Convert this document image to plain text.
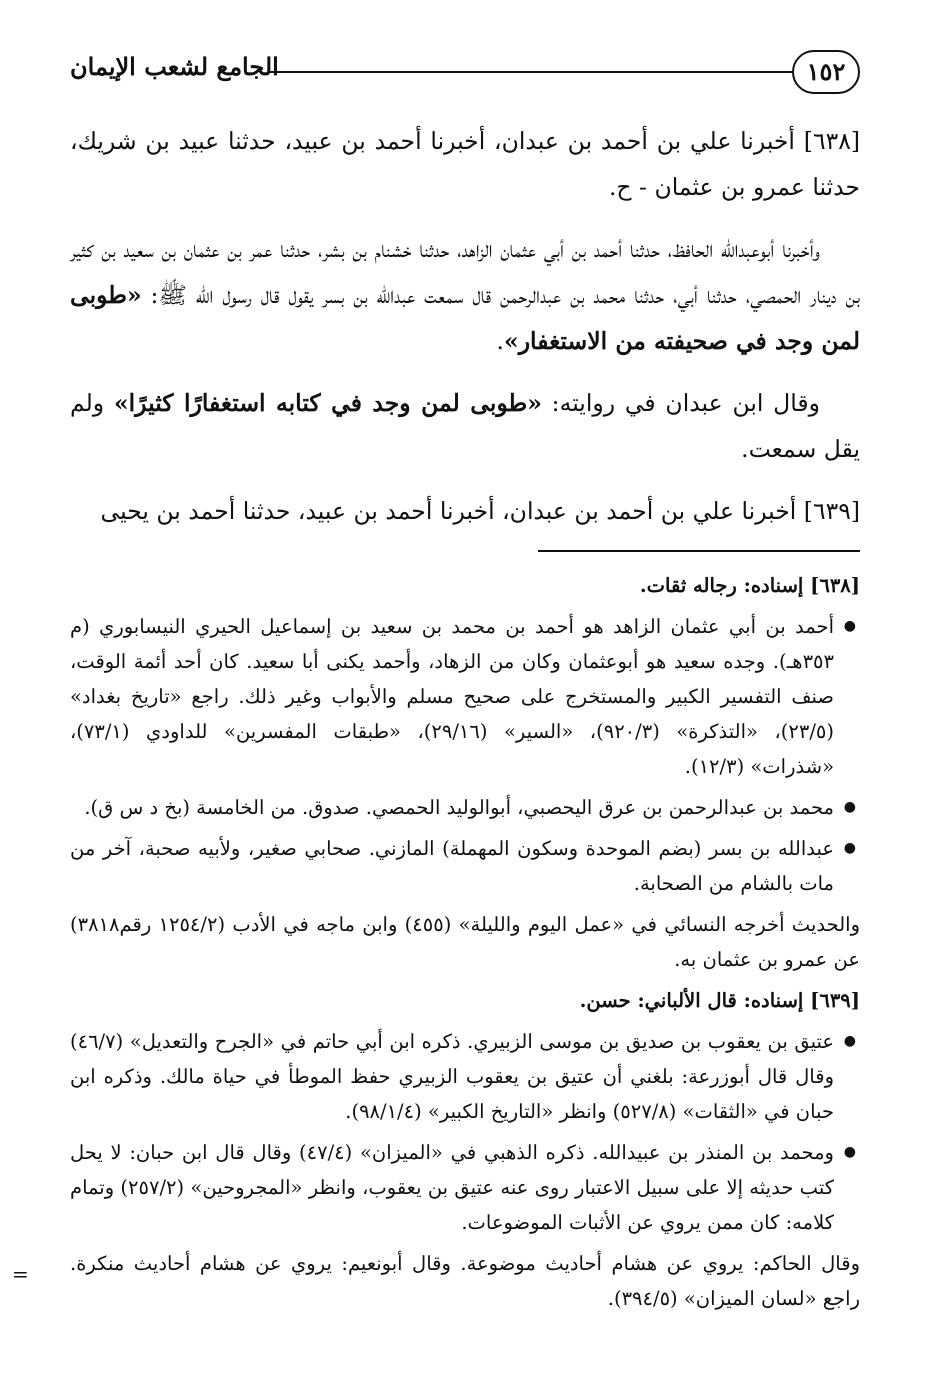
١٥٢
الجامع لشعب الإيمان

[٦٣٨] أخبرنا علي بن أحمد بن عبدان، أخبرنا أحمد بن عبيد، حدثنا عبيد بن شريك، حدثنا عمرو بن عثمان - ح.

وأخبرنا أبوعبدالله الحافظ، حدثنا أحمد بن أبي عثمان الزاهد، حدثنا خشنام بن بشر، حدثنا عمر بن عثمان بن سعيد بن كثير بن دينار الحمصي، حدثنا أبي، حدثنا محمد بن عبدالرحمن قال سمعت عبدالله بن بسر يقول قال رسول الله ﷺ: «طوبى لمن وجد في صحيفته من الاستغفار».

وقال ابن عبدان في روايته: «طوبى لمن وجد في كتابه استغفارًا كثيرًا» ولم يقل سمعت.

[٦٣٩] أخبرنا علي بن أحمد بن عبدان، أخبرنا أحمد بن عبيد، حدثنا أحمد بن يحيى

[٦٣٨] إسناده: رجاله ثقات.

●
أحمد بن أبي عثمان الزاهد هو أحمد بن محمد بن سعيد بن إسماعيل الحيري النيسابوري (م ٣٥٣هـ). وجده سعيد هو أبوعثمان وكان من الزهاد، وأحمد يكنى أبا سعيد. كان أحد أئمة الوقت، صنف التفسير الكبير والمستخرج على صحيح مسلم والأبواب وغير ذلك. راجع «تاريخ بغداد» (٢٣/٥)، «التذكرة» (٩٢٠/٣)، «السير» (٢٩/١٦)، «طبقات المفسرين» للداودي (٧٣/١)، «شذرات» (١٢/٣).
●
محمد بن عبدالرحمن بن عرق اليحصبي، أبوالوليد الحمصي. صدوق. من الخامسة (بخ د س ق).
●
عبدالله بن بسر (بضم الموحدة وسكون المهملة) المازني. صحابي صغير، ولأبيه صحبة، آخر من مات بالشام من الصحابة.

والحديث أخرجه النسائي في «عمل اليوم والليلة» (٤٥٥) وابن ماجه في الأدب (١٢٥٤/٢ رقم٣٨١٨) عن عمرو بن عثمان به.

[٦٣٩] إسناده: قال الألباني: حسن.

●
عتيق بن يعقوب بن صديق بن موسى الزبيري. ذكره ابن أبي حاتم في «الجرح والتعديل» (٤٦/٧) وقال قال أبوزرعة: بلغني أن عتيق بن يعقوب الزبيري حفظ الموطأ في حياة مالك. وذكره ابن حبان في «الثقات» (٥٢٧/٨) وانظر «التاريخ الكبير» (٩٨/١/٤).
●
ومحمد بن المنذر بن عبيدالله. ذكره الذهبي في «الميزان» (٤٧/٤) وقال قال ابن حبان: لا يحل كتب حديثه إلا على سبيل الاعتبار روى عنه عتيق بن يعقوب، وانظر «المجروحين» (٢٥٧/٢) وتمام كلامه: كان ممن يروي عن الأثبات الموضوعات.

وقال الحاكم: يروي عن هشام أحاديث موضوعة. وقال أبونعيم: يروي عن هشام أحاديث منكرة. راجع «لسان الميزان» (٣٩٤/٥).

=
